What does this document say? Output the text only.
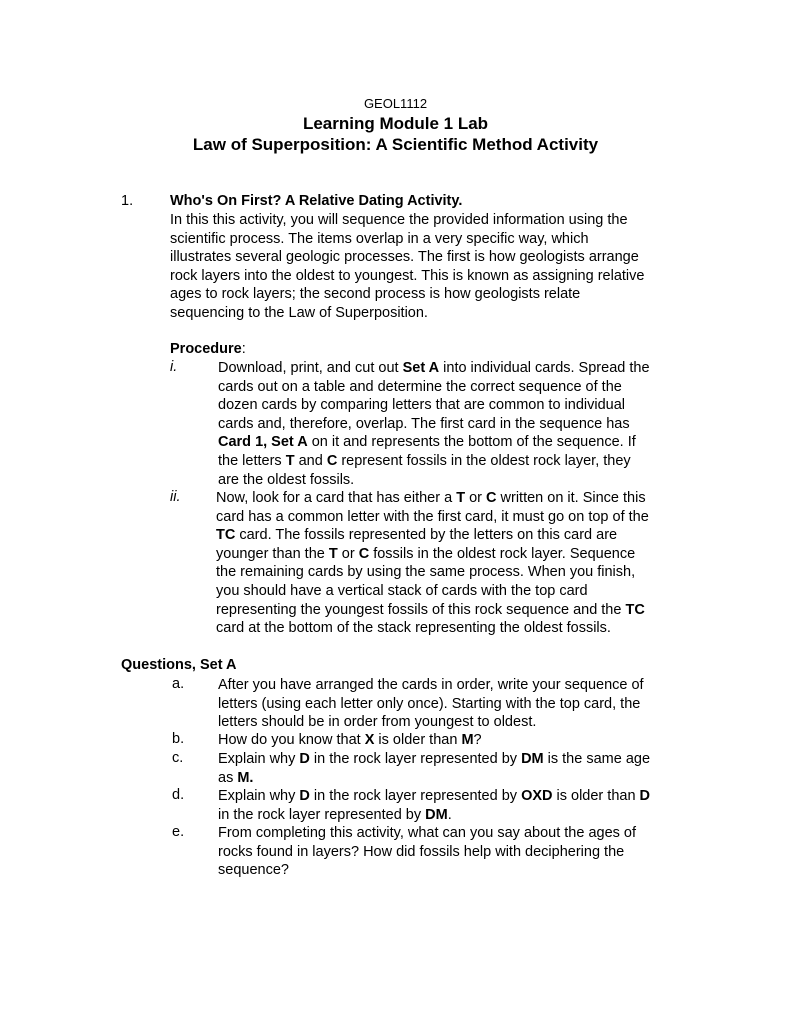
GEOL1112
Learning Module 1 Lab
Law of Superposition: A Scientific Method Activity
1.	Who's On First? A Relative Dating Activity.
In this this activity, you will sequence the provided information using the
scientific process. The items overlap in a very specific way, which
illustrates several geologic processes. The first is how geologists arrange
rock layers into the oldest to youngest. This is known as assigning relative
ages to rock layers; the second process is how geologists relate
sequencing to the Law of Superposition.
Procedure:
i.	Download, print, and cut out Set A into individual cards. Spread the
cards out on a table and determine the correct sequence of the
dozen cards by comparing letters that are common to individual
cards and, therefore, overlap. The first card in the sequence has
Card 1, Set A on it and represents the bottom of the sequence. If
the letters T and C represent fossils in the oldest rock layer, they
are the oldest fossils.
ii. Now, look for a card that has either a T or C written on it. Since this
card has a common letter with the first card, it must go on top of the
TC card. The fossils represented by the letters on this card are
younger than the T or C fossils in the oldest rock layer. Sequence
the remaining cards by using the same process. When you finish,
you should have a vertical stack of cards with the top card
representing the youngest fossils of this rock sequence and the TC
card at the bottom of the stack representing the oldest fossils.
Questions, Set A
a. After you have arranged the cards in order, write your sequence of
letters (using each letter only once). Starting with the top card, the
letters should be in order from youngest to oldest.
b. How do you know that X is older than M?
c. Explain why D in the rock layer represented by DM is the same age
as M.
d. Explain why D in the rock layer represented by OXD is older than D
in the rock layer represented by DM.
e. From completing this activity, what can you say about the ages of
rocks found in layers? How did fossils help with deciphering the
sequence?
